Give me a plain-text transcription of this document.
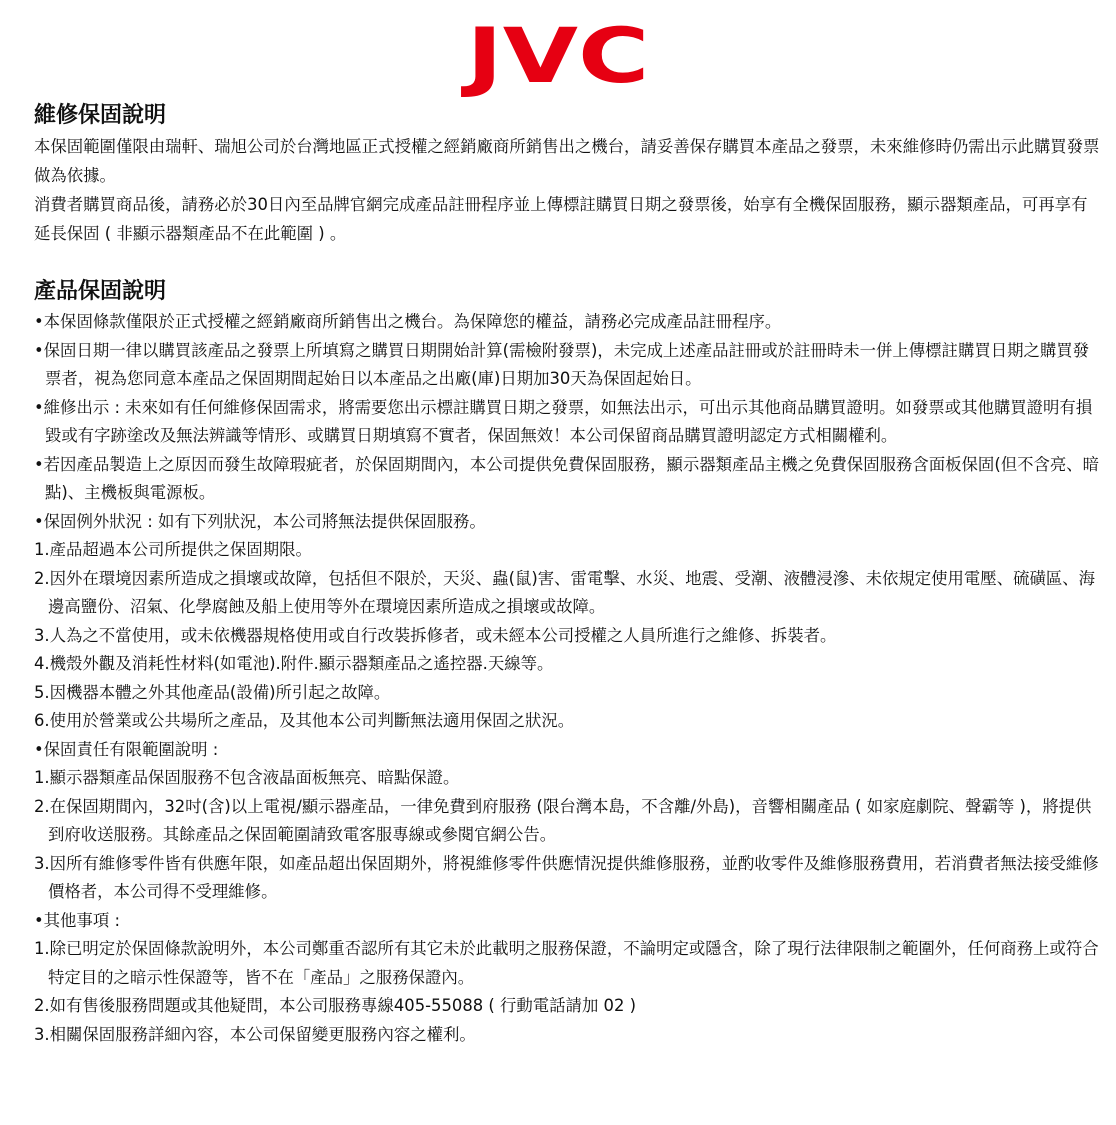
JVC
維修保固說明

本保固範圍僅限由瑞軒、瑞旭公司於台灣地區正式授權之經銷廠商所銷售出之機台，請妥善保存購買本產品之發票，未來維修時仍需出示此購買發票做為依據。

消費者購買商品後，請務必於30日內至品牌官網完成產品註冊程序並上傳標註購買日期之發票後，始享有全機保固服務，顯示器類產品，可再享有延長保固 ( 非顯示器類產品不在此範圍 ) 。

產品保固說明
•本保固條款僅限於正式授權之經銷廠商所銷售出之機台。為保障您的權益，請務必完成產品註冊程序。
•保固日期一律以購買該產品之發票上所填寫之購買日期開始計算(需檢附發票)，未完成上述產品註冊或於註冊時未一併上傳標註購買日期之購買發票者，視為您同意本產品之保固期間起始日以本產品之出廠(庫)日期加30天為保固起始日。
•維修出示 : 未來如有任何維修保固需求，將需要您出示標註購買日期之發票，如無法出示，可出示其他商品購買證明。如發票或其他購買證明有損毀或有字跡塗改及無法辨識等情形、或購買日期填寫不實者，保固無效！本公司保留商品購買證明認定方式相關權利。
•若因產品製造上之原因而發生故障瑕疵者，於保固期間內，本公司提供免費保固服務，顯示器類產品主機之免費保固服務含面板保固(但不含亮、暗點)、主機板與電源板。
•保固例外狀況 : 如有下列狀況，本公司將無法提供保固服務。
1.產品超過本公司所提供之保固期限。
2.因外在環境因素所造成之損壞或故障，包括但不限於，天災、蟲(鼠)害、雷電擊、水災、地震、受潮、液體浸滲、未依規定使用電壓、硫磺區、海邊高鹽份、沼氣、化學腐蝕及船上使用等外在環境因素所造成之損壞或故障。
3.人為之不當使用，或未依機器規格使用或自行改裝拆修者，或未經本公司授權之人員所進行之維修、拆裝者。
4.機殼外觀及消耗性材料(如電池).附件.顯示器類產品之遙控器.天線等。
5.因機器本體之外其他產品(設備)所引起之故障。
6.使用於營業或公共場所之產品，及其他本公司判斷無法適用保固之狀況。
•保固責任有限範圍說明 :
1.顯示器類產品保固服務不包含液晶面板無亮、暗點保證。
2.在保固期間內，32吋(含)以上電視/顯示器產品，一律免費到府服務 (限台灣本島，不含離/外島)，音響相關產品 ( 如家庭劇院、聲霸等 )，將提供到府收送服務。其餘產品之保固範圍請致電客服專線或參閱官網公告。
3.因所有維修零件皆有供應年限，如產品超出保固期外，將視維修零件供應情況提供維修服務，並酌收零件及維修服務費用，若消費者無法接受維修價格者，本公司得不受理維修。
•其他事項 :
1.除已明定於保固條款說明外，本公司鄭重否認所有其它未於此載明之服務保證，不論明定或隱含，除了現行法律限制之範圍外，任何商務上或符合特定目的之暗示性保證等，皆不在「產品」之服務保證內。
2.如有售後服務問題或其他疑問，本公司服務專線405-55088 ( 行動電話請加 02 )
3.相關保固服務詳細內容，本公司保留變更服務內容之權利。
